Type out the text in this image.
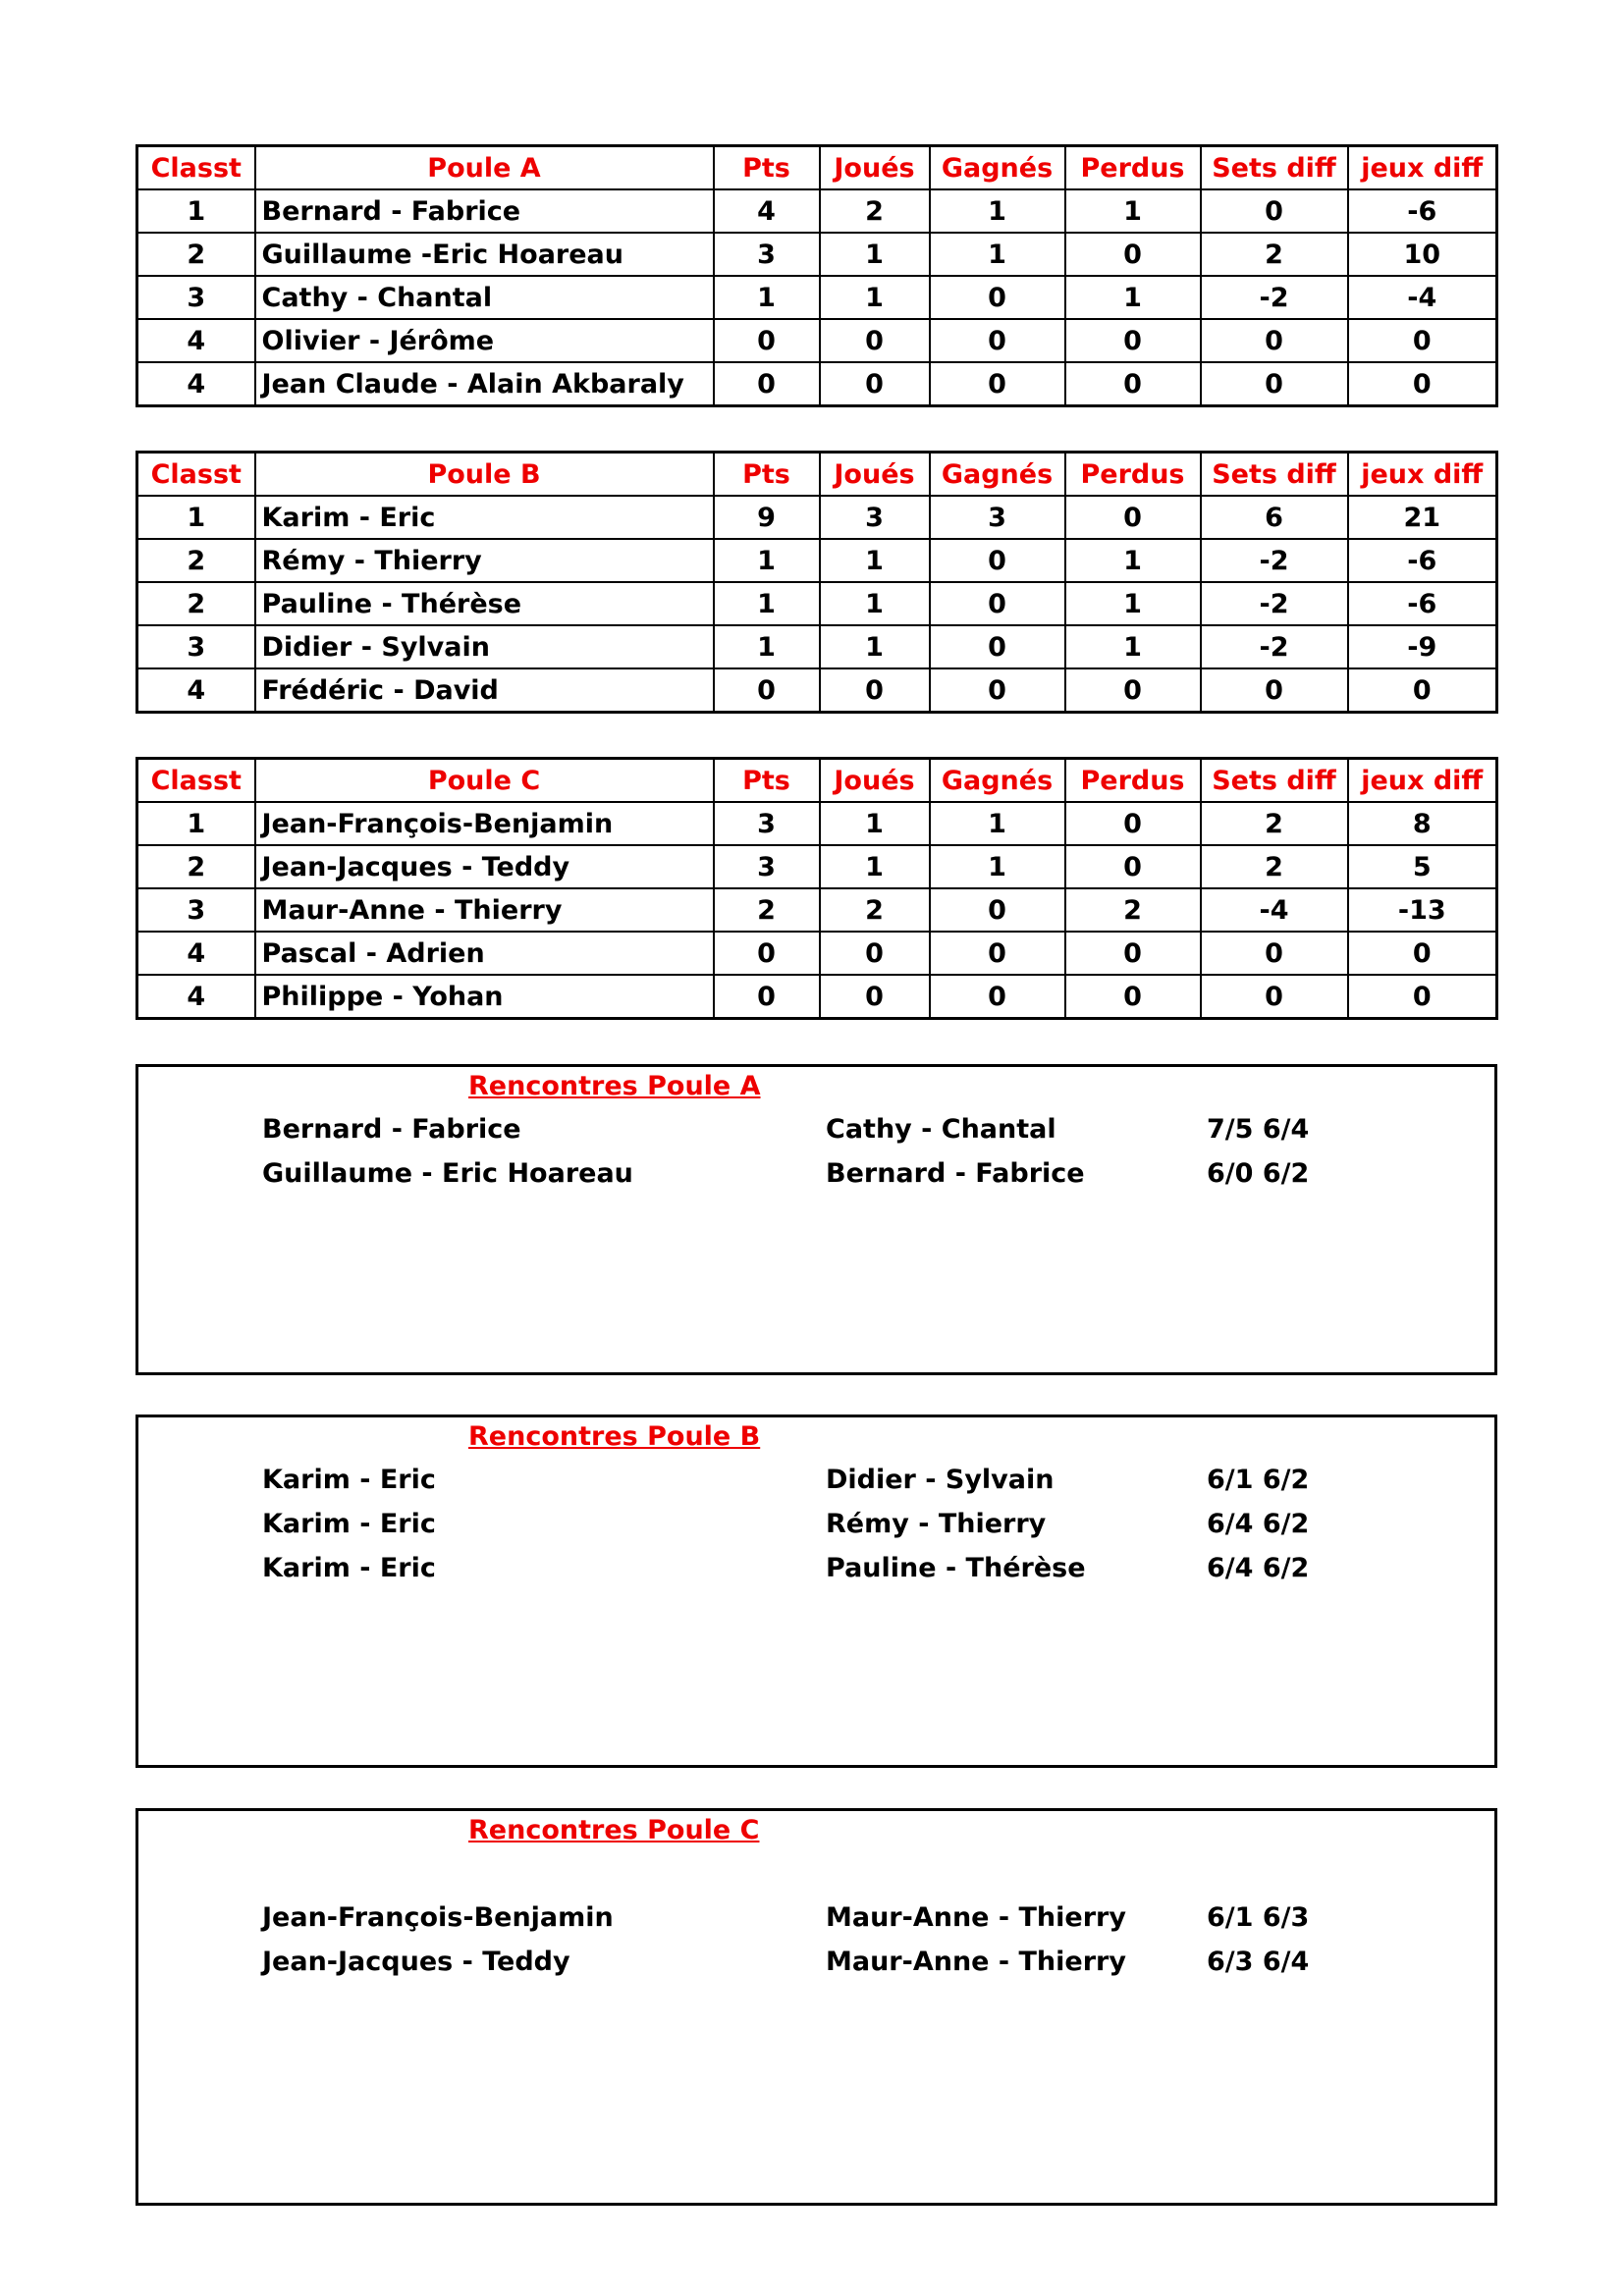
Classt	Poule A	Pts	Joués	Gagnés	Perdus	Sets diff	jeux diff
1	Bernard - Fabrice	4	2	1	1	0	-6
2	Guillaume -Eric Hoareau	3	1	1	0	2	10
3	Cathy - Chantal	1	1	0	1	-2	-4
4	Olivier - Jérôme	0	0	0	0	0	0
4	Jean Claude - Alain Akbaraly	0	0	0	0	0	0
Classt	Poule B	Pts	Joués	Gagnés	Perdus	Sets diff	jeux diff
1	Karim - Eric	9	3	3	0	6	21
2	Rémy - Thierry	1	1	0	1	-2	-6
2	Pauline - Thérèse	1	1	0	1	-2	-6
3	Didier - Sylvain	1	1	0	1	-2	-9
4	Frédéric - David	0	0	0	0	0	0
Classt	Poule C	Pts	Joués	Gagnés	Perdus	Sets diff	jeux diff
1	Jean-François-Benjamin	3	1	1	0	2	8
2	Jean-Jacques - Teddy	3	1	1	0	2	5
3	Maur-Anne - Thierry	2	2	0	2	-4	-13
4	Pascal - Adrien	0	0	0	0	0	0
4	Philippe - Yohan	0	0	0	0	0	0
Rencontres Poule A
Bernard - Fabrice	Cathy - Chantal	7/5 6/4
Guillaume - Eric Hoareau	Bernard - Fabrice	6/0 6/2
Rencontres Poule B
Karim - Eric	Didier - Sylvain	6/1 6/2
Karim - Eric	Rémy - Thierry	6/4 6/2
Karim - Eric	Pauline - Thérèse	6/4 6/2
Rencontres Poule C
Jean-François-Benjamin	Maur-Anne - Thierry	6/1 6/3
Jean-Jacques - Teddy	Maur-Anne - Thierry	6/3 6/4
